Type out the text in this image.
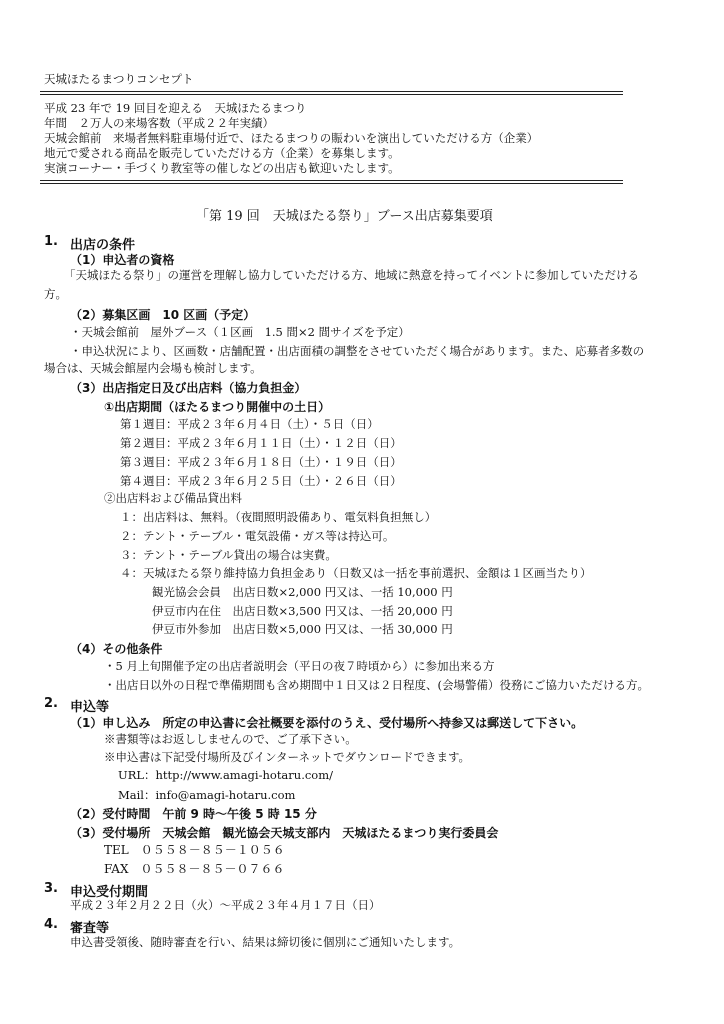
天城ほたるまつりコンセプト
平成 23 年で 19 回目を迎える　天城ほたるまつり
年間　２万人の来場客数（平成２２年実績）
天城会館前　来場者無料駐車場付近で、ほたるまつりの賑わいを演出していただける方（企業）
地元で愛される商品を販売していただける方（企業）を募集します。
実演コーナー・手づくり教室等の催しなどの出店も歓迎いたします。
「第 19 回　天城ほたる祭り」ブース出店募集要項
1. 出店の条件
（1）申込者の資格
「天城ほたる祭り」の運営を理解し協力していただける方、地域に熱意を持ってイベントに参加していただける
方。
（2）募集区画　10 区画（予定）
・天城会館前　屋外ブース（１区画　1.5 間×2 間サイズを予定）
・申込状況により、区画数・店舗配置・出店面積の調整をさせていただく場合があります。また、応募者多数の
場合は、天城会館屋内会場も検討します。
（3）出店指定日及び出店料（協力負担金）
①出店期間（ほたるまつり開催中の土日）
第１週目：平成２３年６月４日（土）・５日（日）
第２週目：平成２３年６月１１日（土）・１２日（日）
第３週目：平成２３年６月１８日（土）・１９日（日）
第４週目：平成２３年６月２５日（土）・２６日（日）
②出店料および備品貸出料
１：出店料は、無料。（夜間照明設備あり、電気料負担無し）
２：テント・テーブル・電気設備・ガス等は持込可。
３：テント・テーブル貸出の場合は実費。
４：天城ほたる祭り維持協力負担金あり（日数又は一括を事前選択、金額は１区画当たり）
観光協会会員　出店日数×2,000 円又は、一括 10,000 円
伊豆市内在住　出店日数×3,500 円又は、一括 20,000 円
伊豆市外参加　出店日数×5,000 円又は、一括 30,000 円
（4）その他条件
・5 月上旬開催予定の出店者説明会（平日の夜７時頃から）に参加出来る方
・出店日以外の日程で準備期間も含め期間中１日又は２日程度、(会場警備）役務にご協力いただける方。
2. 申込等
（1）申し込み　所定の申込書に会社概要を添付のうえ、受付場所へ持参又は郵送して下さい。
※書類等はお返ししませんので、ご了承下さい。
※申込書は下記受付場所及びインターネットでダウンロードできます。
URL：http://www.amagi-hotaru.com/
Mail：info@amagi-hotaru.com
（2）受付時間　午前 9 時～午後 5 時 15 分
（3）受付場所　天城会館　観光協会天城支部内　天城ほたるまつり実行委員会
TEL　０５５８－８５－１０５６
FAX　０５５８－８５－０７６６
3. 申込受付期間
平成２３年２月２２日（火）～平成２３年４月１７日（日）
4. 審査等
申込書受領後、随時審査を行い、結果は締切後に個別にご通知いたします。
